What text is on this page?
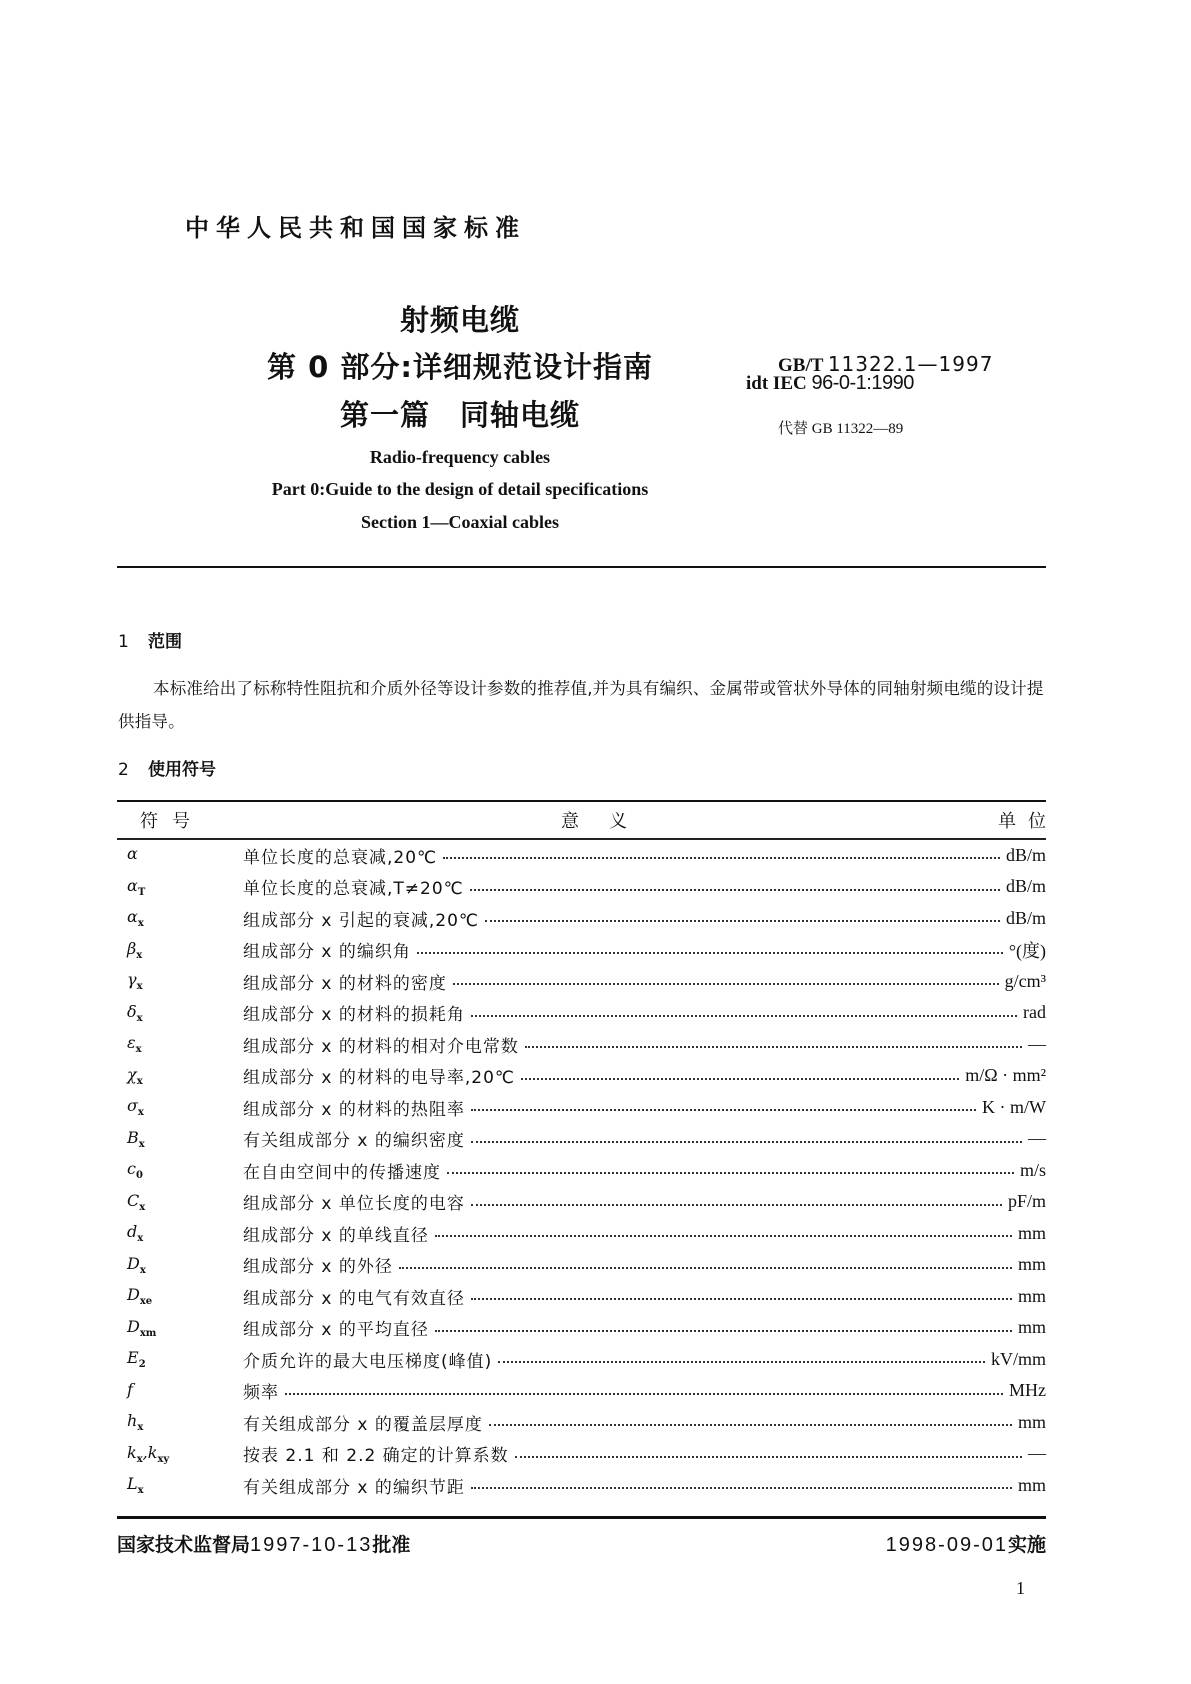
中华人民共和国国家标准
射频电缆
第 0 部分:详细规范设计指南
第一篇　同轴电缆
Radio-frequency cables
Part 0:Guide to the design of detail specifications
Section 1—Coaxial cables
GB/T 11322.1—1997
idt IEC 96-0-1:1990
代替 GB 11322—89
1 范围
本标准给出了标称特性阻抗和介质外径等设计参数的推荐值,并为具有编织、金属带或管状外导体的同轴射频电缆的设计提供指导。
2 使用符号
符号	意义	单位
α	单位长度的总衰减,20℃	dB/m
$\alpha_T$	单位长度的总衰减,T≠20℃	dB/m
$\alpha_x$	组成部分 x 引起的衰减,20℃	dB/m
$\beta_x$	组成部分 x 的编织角	°(度)
$\gamma_x$	组成部分 x 的材料的密度	g/cm³
$\delta_x$	组成部分 x 的材料的损耗角	rad
$\varepsilon_x$	组成部分 x 的材料的相对介电常数	—
$\chi_x$	组成部分 x 的材料的电导率,20℃	m/Ω · mm²
$\sigma_x$	组成部分 x 的材料的热阻率	K · m/W
$B_x$	有关组成部分 x 的编织密度	—
$c_0$	在自由空间中的传播速度	m/s
$C_x$	组成部分 x 单位长度的电容	pF/m
$d_x$	组成部分 x 的单线直径	mm
$D_x$	组成部分 x 的外径	mm
$D_{xe}$	组成部分 x 的电气有效直径	mm
$D_{xm}$	组成部分 x 的平均直径	mm
$E_2$	介质允许的最大电压梯度(峰值)	kV/mm
f	频率	MHz
$h_x$	有关组成部分 x 的覆盖层厚度	mm
$k_x,k_{xy}$	按表 2.1 和 2.2 确定的计算系数	—
$L_x$	有关组成部分 x 的编织节距	mm
国家技术监督局1997-10-13批准	1998-09-01实施
1
